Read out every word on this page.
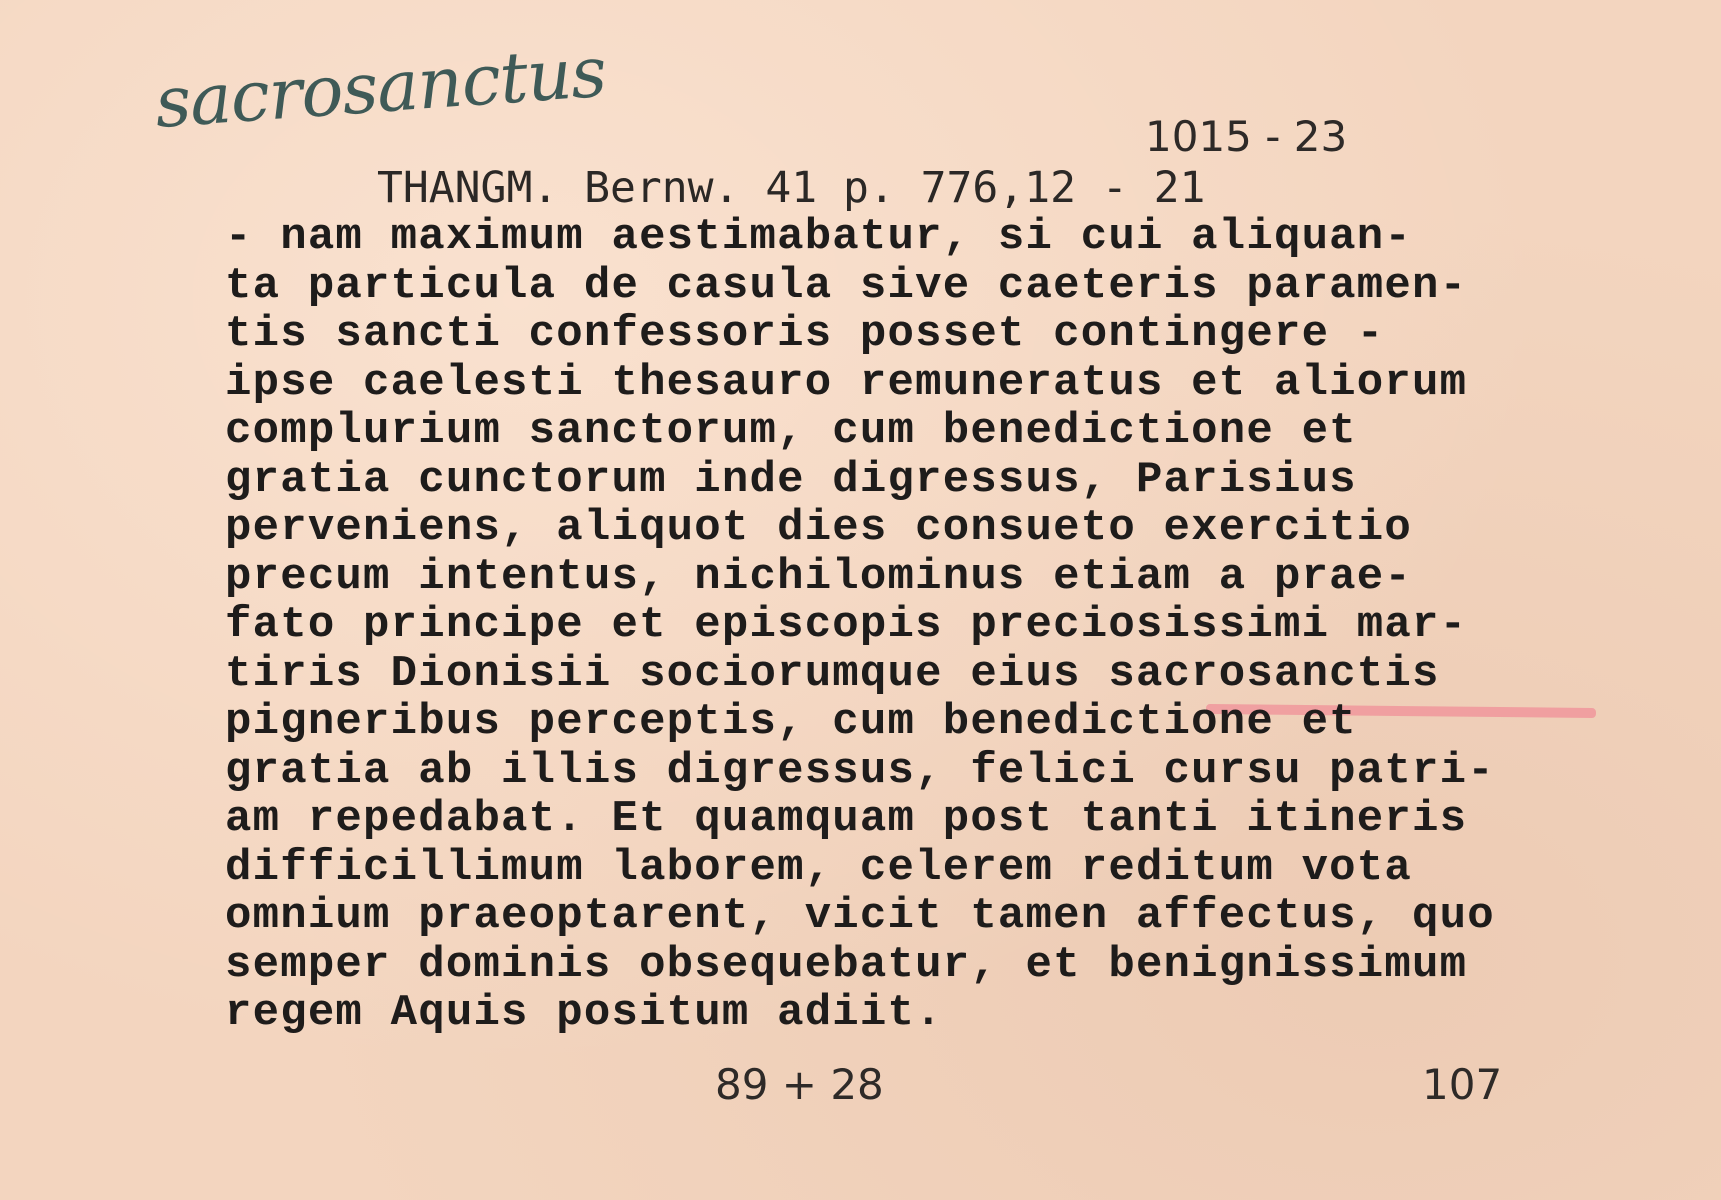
sacrosanctus	1015 - 23
THANGM. Bernw. 41 p. 776,12 - 21
- nam maximum aestimabatur, si cui aliquan-
ta particula de casula sive caeteris paramen-
tis sancti confessoris posset contingere -
ipse caelesti thesauro remuneratus et aliorum
complurium sanctorum, cum benedictione et
gratia cunctorum inde digressus, Parisius
perveniens, aliquot dies consueto exercitio
precum intentus, nichilominus etiam a prae-
fato principe et episcopis preciosissimi mar-
tiris Dionisii sociorumque eius sacrosanctis
pigneribus perceptis, cum benedictione et
gratia ab illis digressus, felici cursu patri-
am repedabat. Et quamquam post tanti itineris
difficillimum laborem, celerem reditum vota
omnium praeoptarent, vicit tamen affectus, quo
semper dominis obsequebatur, et benignissimum
regem Aquis positum adiit.
89 + 28	107
